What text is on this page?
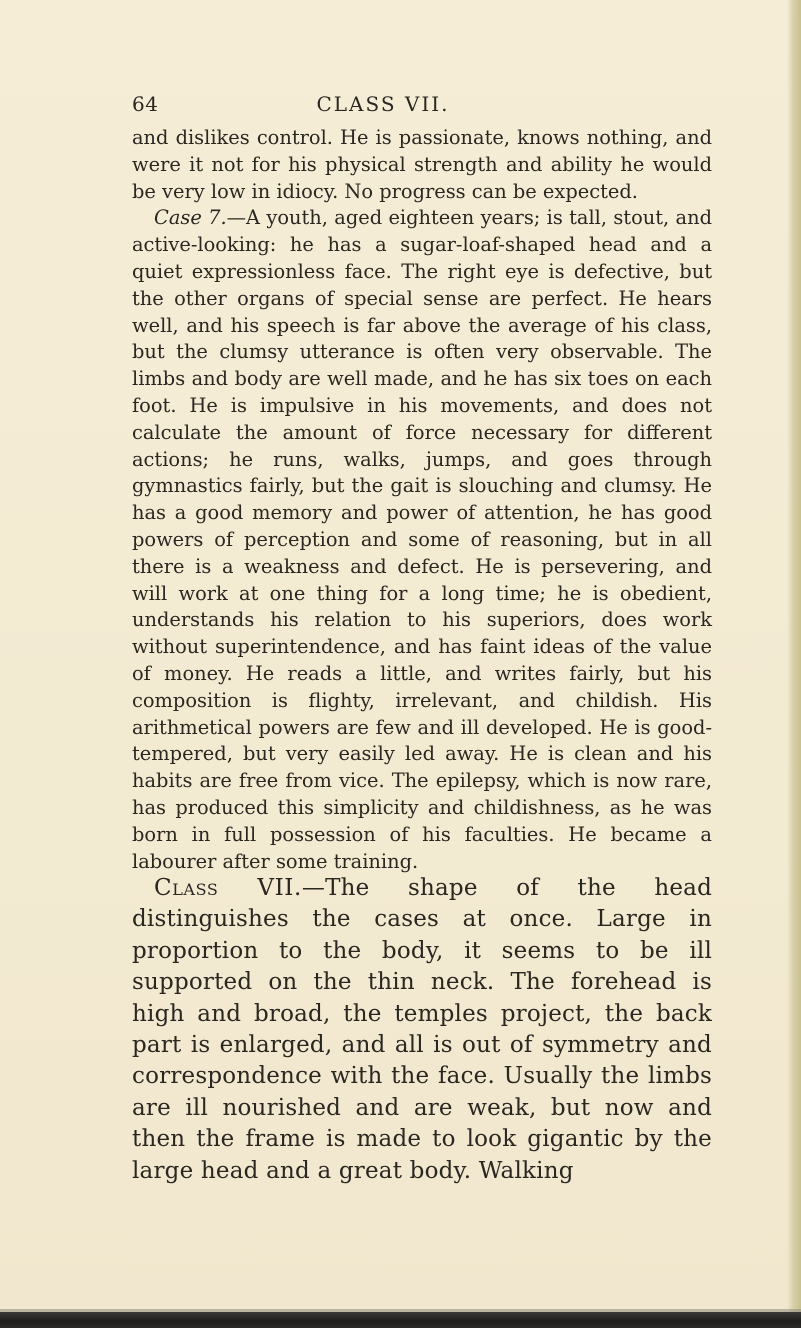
64	CLASS VII.

and dislikes control. He is passionate, knows nothing, and were it not for his physical strength and ability he would be very low in idiocy. No progress can be expected.

Case 7.—A youth, aged eighteen years; is tall, stout, and active-looking: he has a sugar-loaf-shaped head and a quiet expressionless face. The right eye is defective, but the other organs of special sense are perfect. He hears well, and his speech is far above the average of his class, but the clumsy utterance is often very observable. The limbs and body are well made, and he has six toes on each foot. He is impulsive in his movements, and does not calculate the amount of force necessary for different actions; he runs, walks, jumps, and goes through gymnastics fairly, but the gait is slouching and clumsy. He has a good memory and power of attention, he has good powers of perception and some of reasoning, but in all there is a weakness and defect. He is persevering, and will work at one thing for a long time; he is obedient, understands his relation to his superiors, does work without superintendence, and has faint ideas of the value of money. He reads a little, and writes fairly, but his composition is flighty, irrelevant, and childish. His arithmetical powers are few and ill developed. He is good-tempered, but very easily led away. He is clean and his habits are free from vice. The epilepsy, which is now rare, has produced this simplicity and childishness, as he was born in full possession of his faculties. He became a labourer after some training.

Class VII.—The shape of the head distinguishes the cases at once. Large in proportion to the body, it seems to be ill supported on the thin neck. The forehead is high and broad, the temples project, the back part is enlarged, and all is out of symmetry and correspondence with the face. Usually the limbs are ill nourished and are weak, but now and then the frame is made to look gigantic by the large head and a great body. Walking
